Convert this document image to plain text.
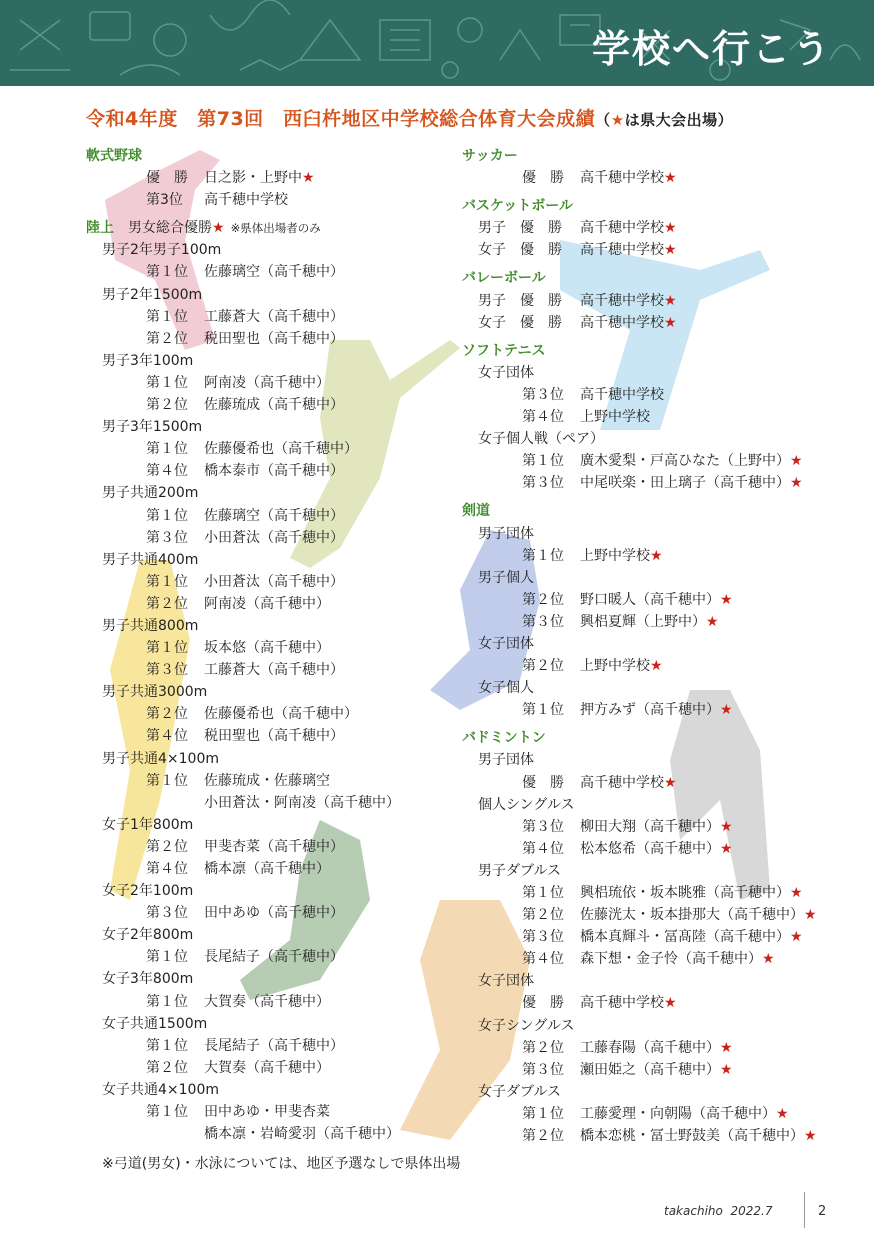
学校へ行こう
令和4年度　第73回　西臼杵地区中学校総合体育大会成績（★は県大会出場）
軟式野球
優　勝 日之影・上野中★
第3位 高千穂中学校
陸上　男女総合優勝★ ※県体出場者のみ
男子2年男子100m
第１位 佐藤璃空（高千穂中）
男子2年1500m
第１位 工藤蒼大（高千穂中）
第２位 税田聖也（高千穂中）
男子3年100m
第１位 阿南凌（高千穂中）
第２位 佐藤琉成（高千穂中）
男子3年1500m
第１位 佐藤優希也（高千穂中）
第４位 橋本泰市（高千穂中）
男子共通200m
第１位 佐藤璃空（高千穂中）
第３位 小田蒼汰（高千穂中）
男子共通400m
第１位 小田蒼汰（高千穂中）
第２位 阿南凌（高千穂中）
男子共通800m
第１位 坂本悠（高千穂中）
第３位 工藤蒼大（高千穂中）
男子共通3000m
第２位 佐藤優希也（高千穂中）
第４位 税田聖也（高千穂中）
男子共通4×100m
第１位 佐藤琉成・佐藤璃空
小田蒼汰・阿南凌（高千穂中）
女子1年800m
第２位 甲斐杏菜（高千穂中）
第４位 橋本凛（高千穂中）
女子2年100m
第３位 田中あゆ（高千穂中）
女子2年800m
第１位 長尾結子（高千穂中）
女子3年800m
第１位 大賀奏（高千穂中）
女子共通1500m
第１位 長尾結子（高千穂中）
第２位 大賀奏（高千穂中）
女子共通4×100m
第１位 田中あゆ・甲斐杏菜
橋本凛・岩崎愛羽（高千穂中）
サッカー
優　勝 高千穂中学校★
バスケットボール
男子　優　勝 高千穂中学校★
女子　優　勝 高千穂中学校★
バレーボール
男子　優　勝 高千穂中学校★
女子　優　勝 高千穂中学校★
ソフトテニス
女子団体
第３位 高千穂中学校
第４位 上野中学校
女子個人戦（ペア）
第１位 廣木愛梨・戸高ひなた（上野中）★
第３位 中尾咲楽・田上璃子（高千穂中）★
剣道
男子団体
第１位 上野中学校★
男子個人
第２位 野口暖人（高千穂中）★
第３位 興梠夏輝（上野中）★
女子団体
第２位 上野中学校★
女子個人
第１位 押方みず（高千穂中）★
バドミントン
男子団体
優　勝 高千穂中学校★
個人シングルス
第３位 柳田大翔（高千穂中）★
第４位 松本悠希（高千穂中）★
男子ダブルス
第１位 興梠琉依・坂本眺雅（高千穂中）★
第２位 佐藤洸太・坂本掛那大（高千穂中）★
第３位 橋本真輝斗・冨髙陸（高千穂中）★
第４位 森下想・金子怜（高千穂中）★
女子団体
優　勝 高千穂中学校★
女子シングルス
第２位 工藤春陽（高千穂中）★
第３位 瀬田姫之（高千穂中）★
女子ダブルス
第１位 工藤愛理・向朝陽（高千穂中）★
第２位 橋本恋桃・冨士野鼓美（高千穂中）★
※弓道(男女)・水泳については、地区予選なしで県体出場
takachiho 2022.7	2
